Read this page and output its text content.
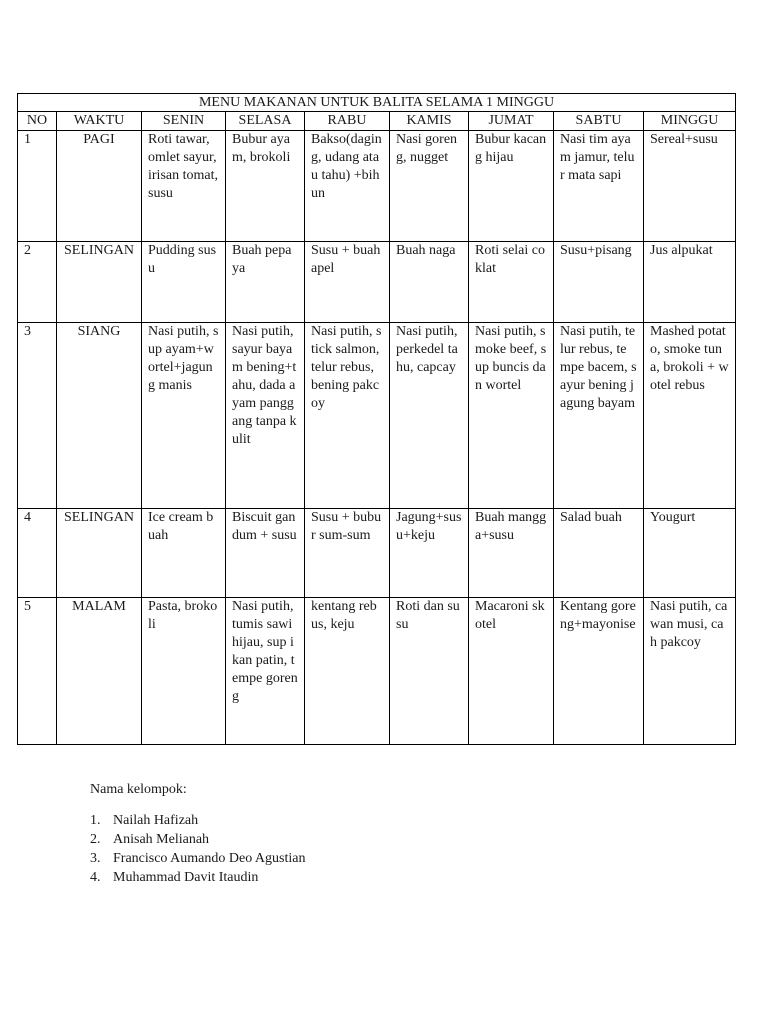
MENU MAKANAN UNTUK BALITA SELAMA 1 MINGGU								
NO	WAKTU	SENIN	SELASA	RABU	KAMIS	JUMAT	SABTU	MINGGU
1	PAGI	Roti tawar, omlet sayur, irisan tomat, susu	Bubur ayam, brokoli	Bakso(daging, udang atau tahu) +bihun	Nasi goreng, nugget	Bubur kacang hijau	Nasi tim ayam jamur, telur mata sapi	Sereal+susu
2	SELINGAN	Pudding susu	Buah pepaya	Susu + buah apel	Buah naga	Roti selai coklat	Susu+pisang	Jus alpukat
3	SIANG	Nasi putih, sup ayam+wortel+jagung manis	Nasi putih, sayur bayam bening+tahu, dada ayam panggang tanpa kulit	Nasi putih, stick salmon, telur rebus, bening pakcoy	Nasi putih, perkedel tahu, capcay	Nasi putih, smoke beef, sup buncis dan wortel	Nasi putih, telur rebus, tempe bacem, sayur bening jagung bayam	Mashed potato, smoke tuna, brokoli + wotel rebus
4	SELINGAN	Ice cream buah	Biscuit gandum + susu	Susu + bubur sum-sum	Jagung+susu+keju	Buah mangga+susu	Salad buah	Yougurt
5	MALAM	Pasta, brokoli	Nasi putih, tumis sawi hijau, sup ikan patin, tempe goreng	kentang rebus, keju	Roti dan susu	Macaroni skotel	Kentang goreng+mayonise	Nasi putih, cawan musi, cah pakcoy
Nama kelompok:
1. Nailah Hafizah
2. Anisah Melianah
3. Francisco Aumando Deo Agustian
4. Muhammad Davit Itaudin
